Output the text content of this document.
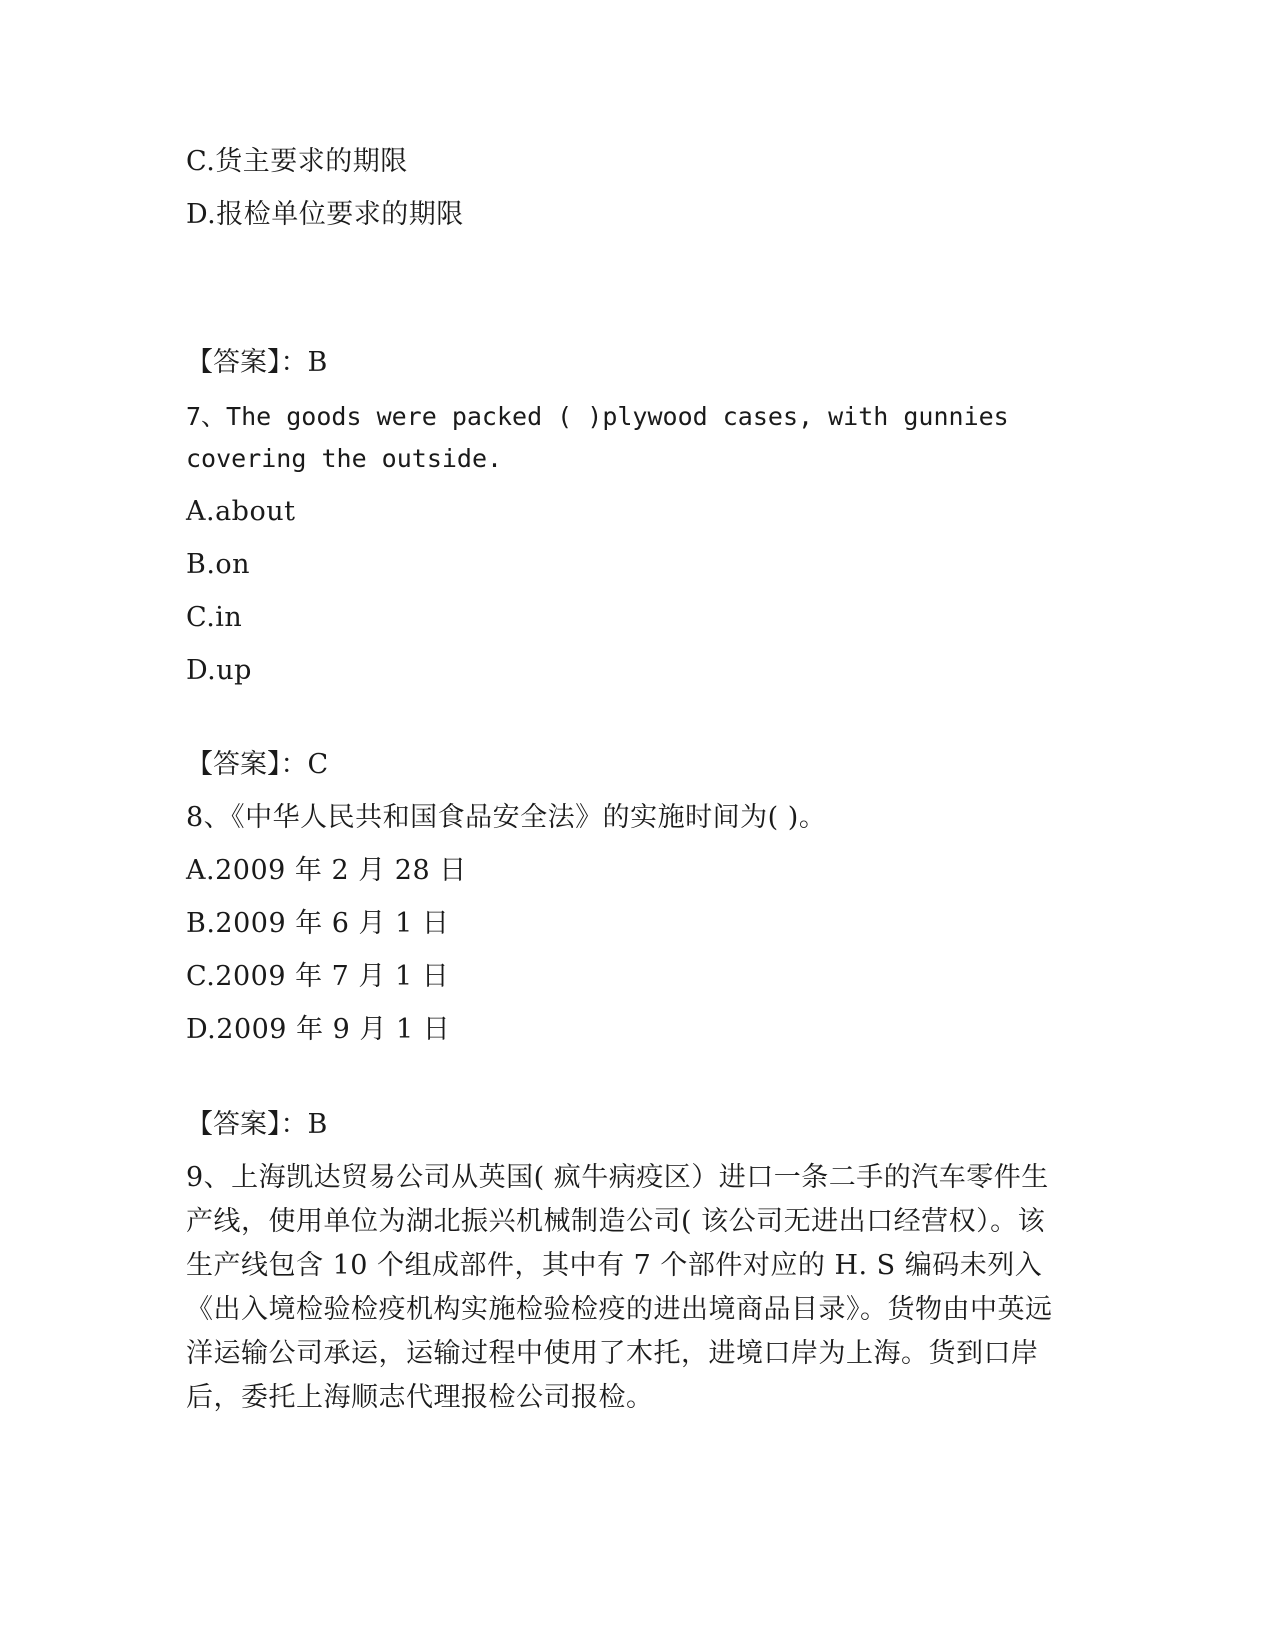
C.货主要求的期限
D.报检单位要求的期限
【答案】：B
7、The goods were packed ( )plywood cases, with gunnies
covering the outside.
A.about
B.on
C.in
D.up
【答案】：C
8、《中华人民共和国食品安全法》的实施时间为( )。
A.2009 年 2 月 28 日
B.2009 年 6 月 1 日
C.2009 年 7 月 1 日
D.2009 年 9 月 1 日
【答案】：B
9、上海凯达贸易公司从英国( 疯牛病疫区）进口一条二手的汽车零件生产线，使用单位为湖北振兴机械制造公司( 该公司无进出口经营权）。该生产线包含 10 个组成部件，其中有 7 个部件对应的 H. S 编码未列入《出入境检验检疫机构实施检验检疫的进出境商品目录》。货物由中英远洋运输公司承运，运输过程中使用了木托，进境口岸为上海。货到口岸后，委托上海顺志代理报检公司报检。
